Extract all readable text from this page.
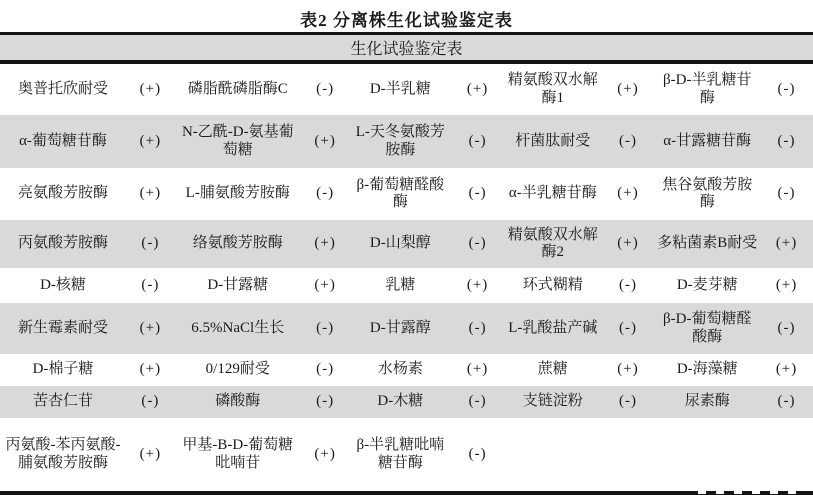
表2 分离株生化试验鉴定表
生化试验鉴定表									
奥普托欣耐受	(+)	磷脂酰磷脂酶C	(-)	D-半乳糖	(+)	精氨酸双水解酶1	(+)	β-D-半乳糖苷酶	(-)
α-葡萄糖苷酶	(+)	N-乙酰-D-氨基葡萄糖	(+)	L-天冬氨酸芳胺酶	(-)	杆菌肽耐受	(-)	α-甘露糖苷酶	(-)
亮氨酸芳胺酶	(+)	L-脯氨酸芳胺酶	(-)	β-葡萄糖醛酸酶	(-)	α-半乳糖苷酶	(+)	焦谷氨酸芳胺酶	(-)
丙氨酸芳胺酶	(-)	络氨酸芳胺酶	(+)	D-山梨醇	(-)	精氨酸双水解酶2	(+)	多粘菌素B耐受	(+)
D-核糖	(-)	D-甘露糖	(+)	乳糖	(+)	环式糊精	(-)	D-麦芽糖	(+)
新生霉素耐受	(+)	6.5%NaCl生长	(-)	D-甘露醇	(-)	L-乳酸盐产碱	(-)	β-D-葡萄糖醛酸酶	(-)
D-棉子糖	(+)	0/129耐受	(-)	水杨素	(+)	蔗糖	(+)	D-海藻糖	(+)
苦杏仁苷	(-)	磷酸酶	(-)	D-木糖	(-)	支链淀粉	(-)	尿素酶	(-)
丙氨酸-苯丙氨酸-脯氨酸芳胺酶	(+)	甲基-B-D-葡萄糖吡喃苷	(+)	β-半乳糖吡喃糖苷酶	(-)				
